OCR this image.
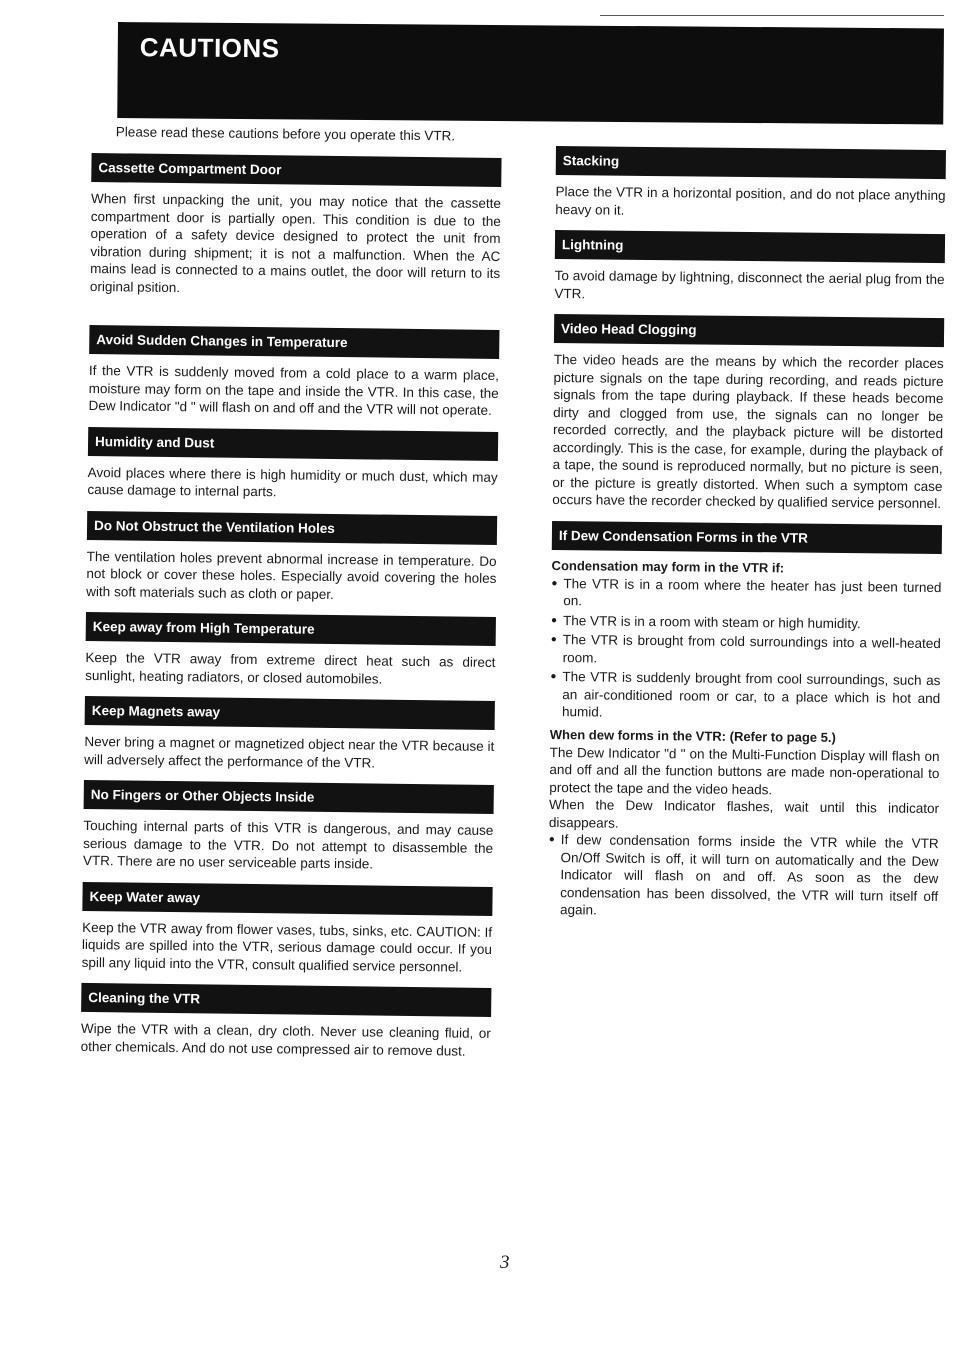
CAUTIONS

Please read these cautions before you operate this VTR.

Cassette Compartment Door

When first unpacking the unit, you may notice that the cassette compartment door is partially open. This condition is due to the operation of a safety device designed to protect the unit from vibration during shipment; it is not a malfunction. When the AC mains lead is connected to a mains outlet, the door will return to its original psition.

Avoid Sudden Changes in Temperature

If the VTR is suddenly moved from a cold place to a warm place, moisture may form on the tape and inside the VTR. In this case, the Dew Indicator "d " will flash on and off and the VTR will not operate.

Humidity and Dust

Avoid places where there is high humidity or much dust, which may cause damage to internal parts.

Do Not Obstruct the Ventilation Holes

The ventilation holes prevent abnormal increase in temperature. Do not block or cover these holes. Especially avoid covering the holes with soft materials such as cloth or paper.

Keep away from High Temperature

Keep the VTR away from extreme direct heat such as direct sunlight, heating radiators, or closed automobiles.

Keep Magnets away

Never bring a magnet or magnetized object near the VTR because it will adversely affect the performance of the VTR.

No Fingers or Other Objects Inside

Touching internal parts of this VTR is dangerous, and may cause serious damage to the VTR. Do not attempt to disassemble the VTR. There are no user serviceable parts inside.

Keep Water away

Keep the VTR away from flower vases, tubs, sinks, etc. CAUTION: If liquids are spilled into the VTR, serious damage could occur. If you spill any liquid into the VTR, consult qualified service personnel.

Cleaning the VTR

Wipe the VTR with a clean, dry cloth. Never use cleaning fluid, or other chemicals. And do not use compressed air to remove dust.

Stacking

Place the VTR in a horizontal position, and do not place anything heavy on it.

Lightning

To avoid damage by lightning, disconnect the aerial plug from the VTR.

Video Head Clogging

The video heads are the means by which the recorder places picture signals on the tape during recording, and reads picture signals from the tape during playback. If these heads become dirty and clogged from use, the signals can no longer be recorded correctly, and the playback picture will be distorted accordingly. This is the case, for example, during the playback of a tape, the sound is reproduced normally, but no picture is seen, or the picture is greatly distorted. When such a symptom case occurs have the recorder checked by qualified service personnel.

If Dew Condensation Forms in the VTR

Condensation may form in the VTR if:

● The VTR is in a room where the heater has just been turned on.
● The VTR is in a room with steam or high humidity.
● The VTR is brought from cold surroundings into a well-heated room.
● The VTR is suddenly brought from cool surroundings, such as an air-conditioned room or car, to a place which is hot and humid.

When dew forms in the VTR: (Refer to page 5.)

The Dew Indicator "d " on the Multi-Function Display will flash on and off and all the function buttons are made non-operational to protect the tape and the video heads.

When the Dew Indicator flashes, wait until this indicator disappears.

● If dew condensation forms inside the VTR while the VTR On/Off Switch is off, it will turn on automatically and the Dew Indicator will flash on and off. As soon as the dew condensation has been dissolved, the VTR will turn itself off again.
3
